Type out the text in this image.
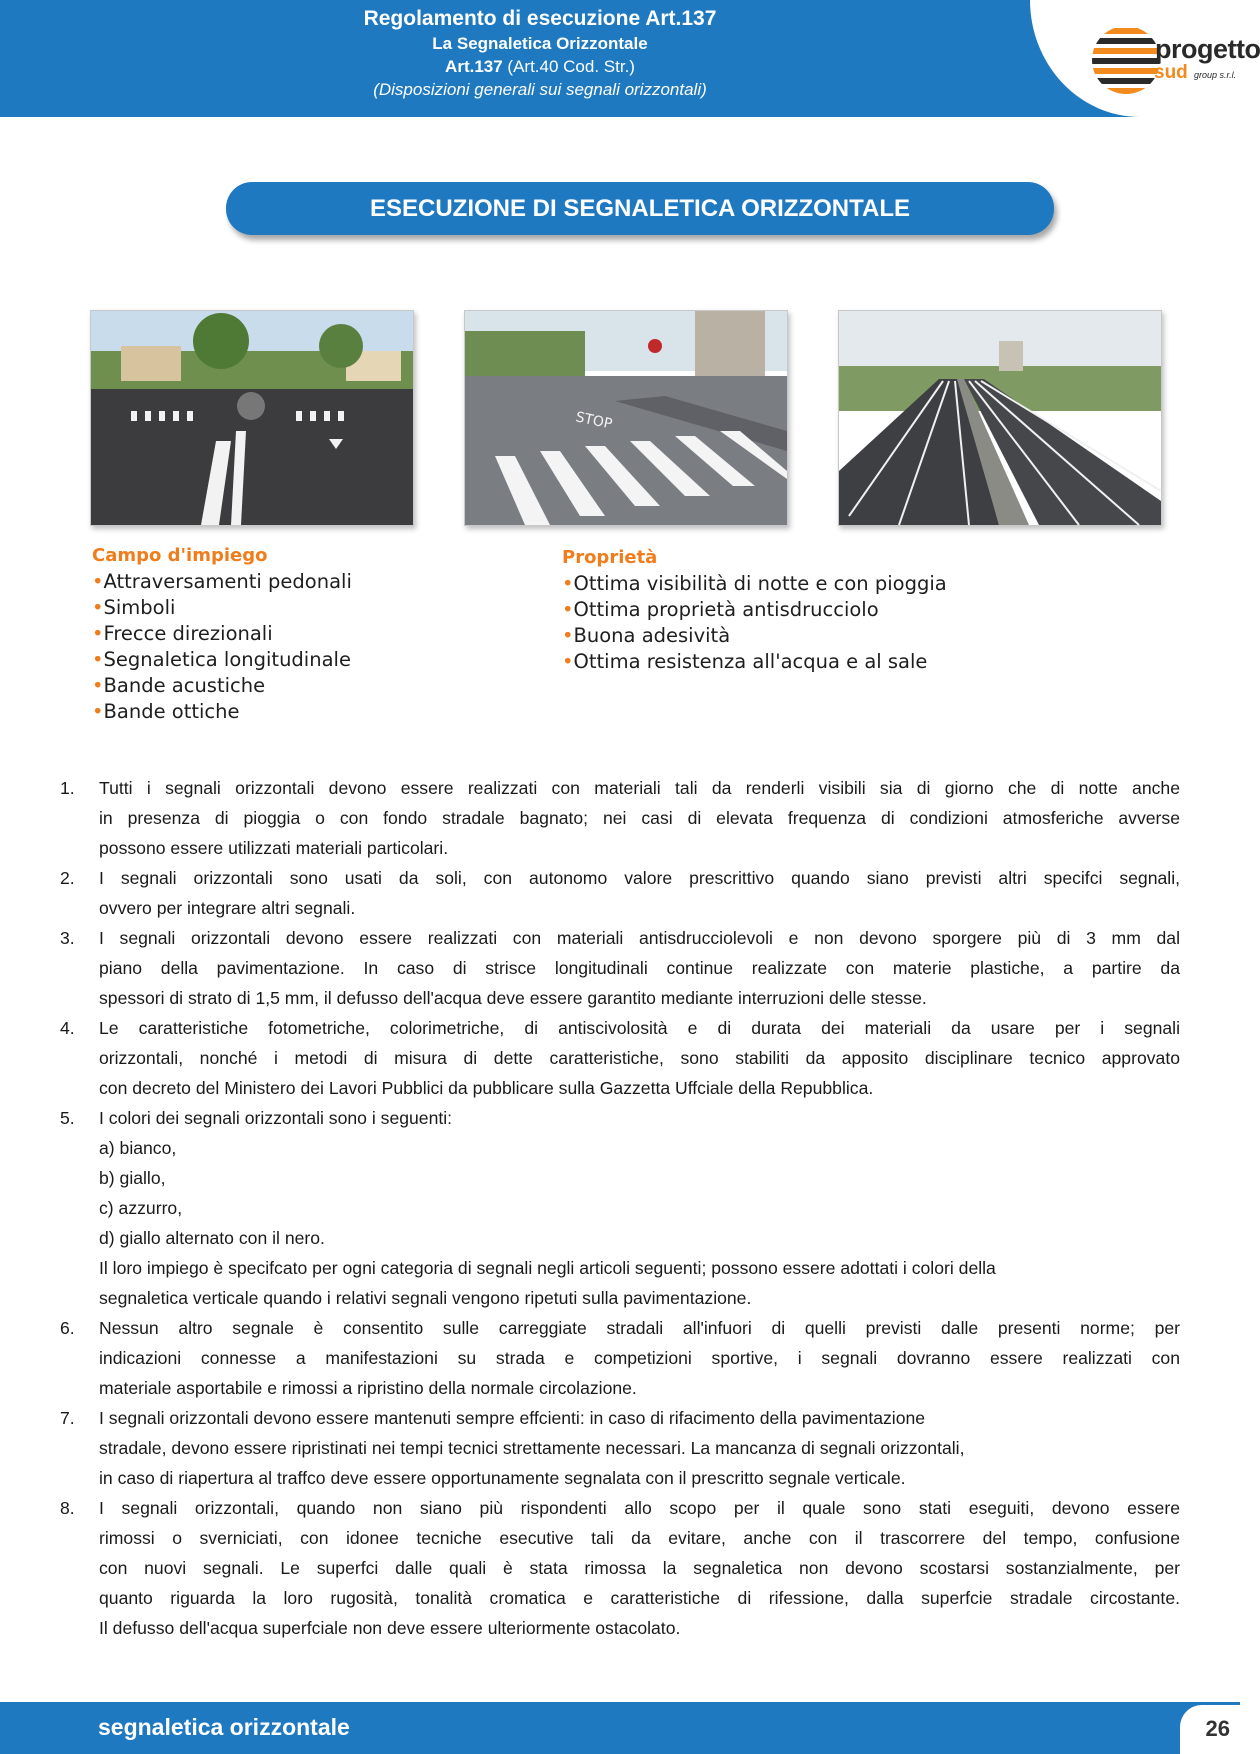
Regolamento di esecuzione Art.137
La Segnaletica Orizzontale
Art.137 (Art.40 Cod. Str.)
(Disposizioni generali sui segnali orizzontali)
progetto
sud group s.r.l.
ESECUZIONE DI SEGNALETICA ORIZZONTALE
STOP
Campo d'impiego
•Attraversamenti pedonali
•Simboli
•Frecce direzionali
•Segnaletica longitudinale
•Bande acustiche
•Bande ottiche
Proprietà
•Ottima visibilità di notte e con pioggia
•Ottima proprietà antisdrucciolo
•Buona adesività
•Ottima resistenza all'acqua e al sale
1.	Tutti i segnali orizzontali devono essere realizzati con materiali tali da renderli visibili sia di giorno che di notte anche
in presenza di pioggia o con fondo stradale bagnato; nei casi di elevata frequenza di condizioni atmosferiche avverse
possono essere utilizzati materiali particolari.
2.	I segnali orizzontali sono usati da soli, con autonomo valore prescrittivo quando siano previsti altri specifci segnali,
ovvero per integrare altri segnali.
3.	I segnali orizzontali devono essere realizzati con materiali antisdrucciolevoli e non devono sporgere più di 3 mm dal
piano della pavimentazione. In caso di strisce longitudinali continue realizzate con materie plastiche, a partire da
spessori di strato di 1,5 mm, il defusso dell'acqua deve essere garantito mediante interruzioni delle stesse.
4.	Le caratteristiche fotometriche, colorimetriche, di antiscivolosità e di durata dei materiali da usare per i segnali
orizzontali, nonché i metodi di misura di dette caratteristiche, sono stabiliti da apposito disciplinare tecnico approvato
con decreto del Ministero dei Lavori Pubblici da pubblicare sulla Gazzetta Uffciale della Repubblica.
5.	I colori dei segnali orizzontali sono i seguenti:
a) bianco,
b) giallo,
c) azzurro,
d) giallo alternato con il nero.
Il loro impiego è specifcato per ogni categoria di segnali negli articoli seguenti; possono essere adottati i colori della
segnaletica verticale quando i relativi segnali vengono ripetuti sulla pavimentazione.
6.	Nessun altro segnale è consentito sulle carreggiate stradali all'infuori di quelli previsti dalle presenti norme; per
indicazioni connesse a manifestazioni su strada e competizioni sportive, i segnali dovranno essere realizzati con
materiale asportabile e rimossi a ripristino della normale circolazione.
7.	I segnali orizzontali devono essere mantenuti sempre effcienti: in caso di rifacimento della pavimentazione
stradale, devono essere ripristinati nei tempi tecnici strettamente necessari. La mancanza di segnali orizzontali,
in caso di riapertura al traffco deve essere opportunamente segnalata con il prescritto segnale verticale.
8.	I segnali orizzontali, quando non siano più rispondenti allo scopo per il quale sono stati eseguiti, devono essere
rimossi o sverniciati, con idonee tecniche esecutive tali da evitare, anche con il trascorrere del tempo, confusione
con nuovi segnali. Le superfci dalle quali è stata rimossa la segnaletica non devono scostarsi sostanzialmente, per
quanto riguarda la loro rugosità, tonalità cromatica e caratteristiche di rifessione, dalla superfcie stradale circostante.
Il defusso dell'acqua superfciale non deve essere ulteriormente ostacolato.
segnaletica orizzontale	26
